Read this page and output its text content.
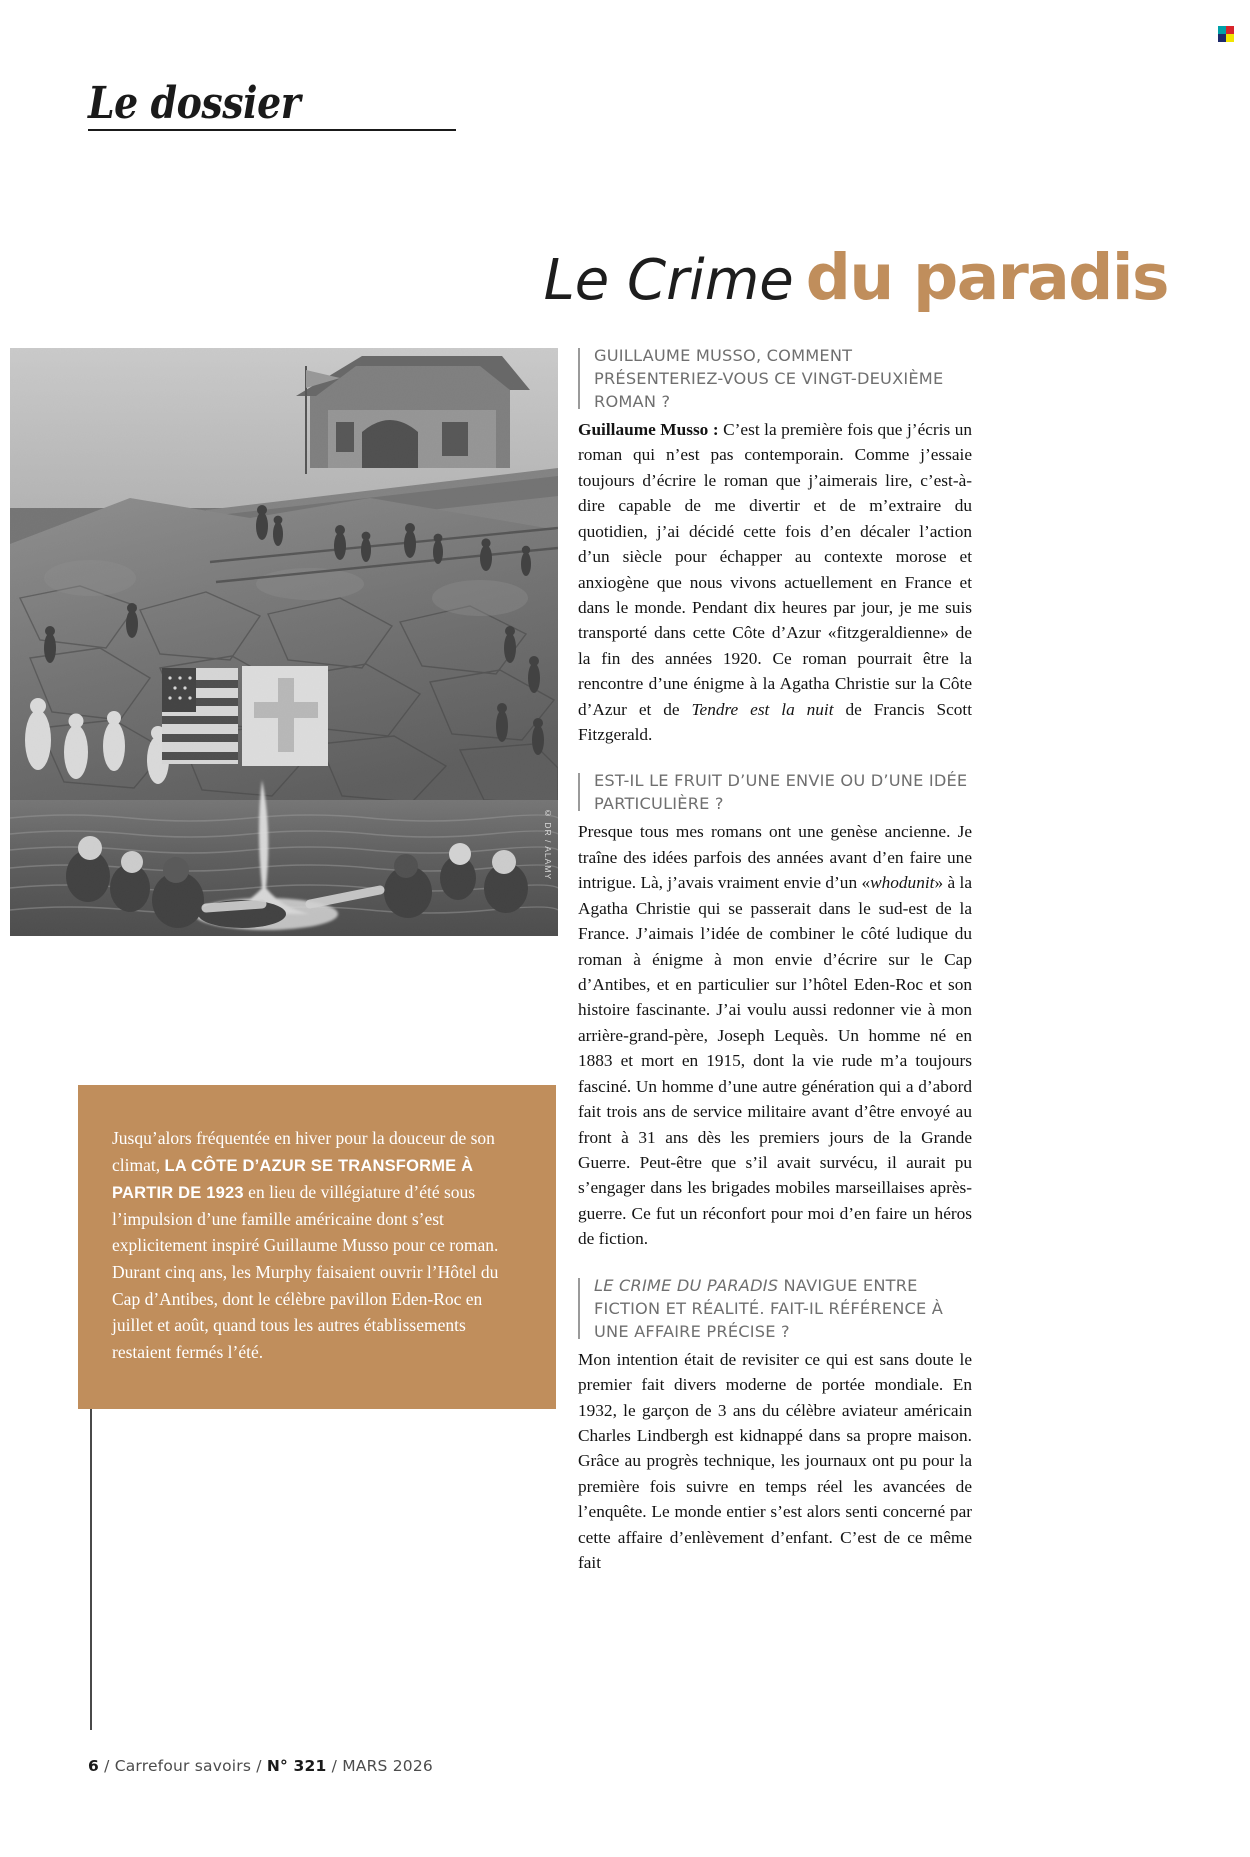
Le dossier
Le Crime du paradis
© DR / ALAMY
Jusqu’alors fréquentée en hiver pour la douceur de son climat, LA CÔTE D’AZUR SE TRANSFORME À PARTIR DE 1923 en lieu de villégiature d’été sous l’impulsion d’une famille américaine dont s’est explicitement inspiré Guillaume Musso pour ce roman. Durant cinq ans, les Murphy faisaient ouvrir l’Hôtel du Cap d’Antibes, dont le célèbre pavillon Eden-Roc en juillet et août, quand tous les autres établissements restaient fermés l’été.
GUILLAUME MUSSO, COMMENT PRÉSENTERIEZ-VOUS CE VINGT-DEUXIÈME ROMAN ?

Guillaume Musso : C’est la première fois que j’écris un roman qui n’est pas contemporain. Comme j’essaie toujours d’écrire le roman que j’aimerais lire, c’est-à-dire capable de me divertir et de m’extraire du quotidien, j’ai décidé cette fois d’en décaler l’action d’un siècle pour échapper au contexte morose et anxiogène que nous vivons actuellement en France et dans le monde. Pendant dix heures par jour, je me suis transporté dans cette Côte d’Azur «fitzgeraldienne» de la fin des années 1920. Ce roman pourrait être la rencontre d’une énigme à la Agatha Christie sur la Côte d’Azur et de Tendre est la nuit de Francis Scott Fitzgerald.

EST-IL LE FRUIT D’UNE ENVIE OU D’UNE IDÉE PARTICULIÈRE ?

Presque tous mes romans ont une genèse ancienne. Je traîne des idées parfois des années avant d’en faire une intrigue. Là, j’avais vraiment envie d’un «whodunit» à la Agatha Christie qui se passerait dans le sud-est de la France. J’aimais l’idée de combiner le côté ludique du roman à énigme à mon envie d’écrire sur le Cap d’Antibes, et en particulier sur l’hôtel Eden-Roc et son histoire fascinante. J’ai voulu aussi redonner vie à mon arrière-grand-père, Joseph Lequès. Un homme né en 1883 et mort en 1915, dont la vie rude m’a toujours fasciné. Un homme d’une autre génération qui a d’abord fait trois ans de service militaire avant d’être envoyé au front à 31 ans dès les premiers jours de la Grande Guerre. Peut-être que s’il avait survécu, il aurait pu s’engager dans les brigades mobiles marseillaises après-guerre. Ce fut un réconfort pour moi d’en faire un héros de fiction.

LE CRIME DU PARADIS NAVIGUE ENTRE FICTION ET RÉALITÉ. FAIT-IL RÉFÉRENCE À UNE AFFAIRE PRÉCISE ?

Mon intention était de revisiter ce qui est sans doute le premier fait divers moderne de portée mondiale. En 1932, le garçon de 3 ans du célèbre aviateur américain Charles Lindbergh est kidnappé dans sa propre maison. Grâce au progrès technique, les journaux ont pu pour la première fois suivre en temps réel les avancées de l’enquête. Le monde entier s’est alors senti concerné par cette affaire d’enlèvement d’enfant. C’est de ce même fait

6 / Carrefour savoirs / N° 321 / MARS 2026
